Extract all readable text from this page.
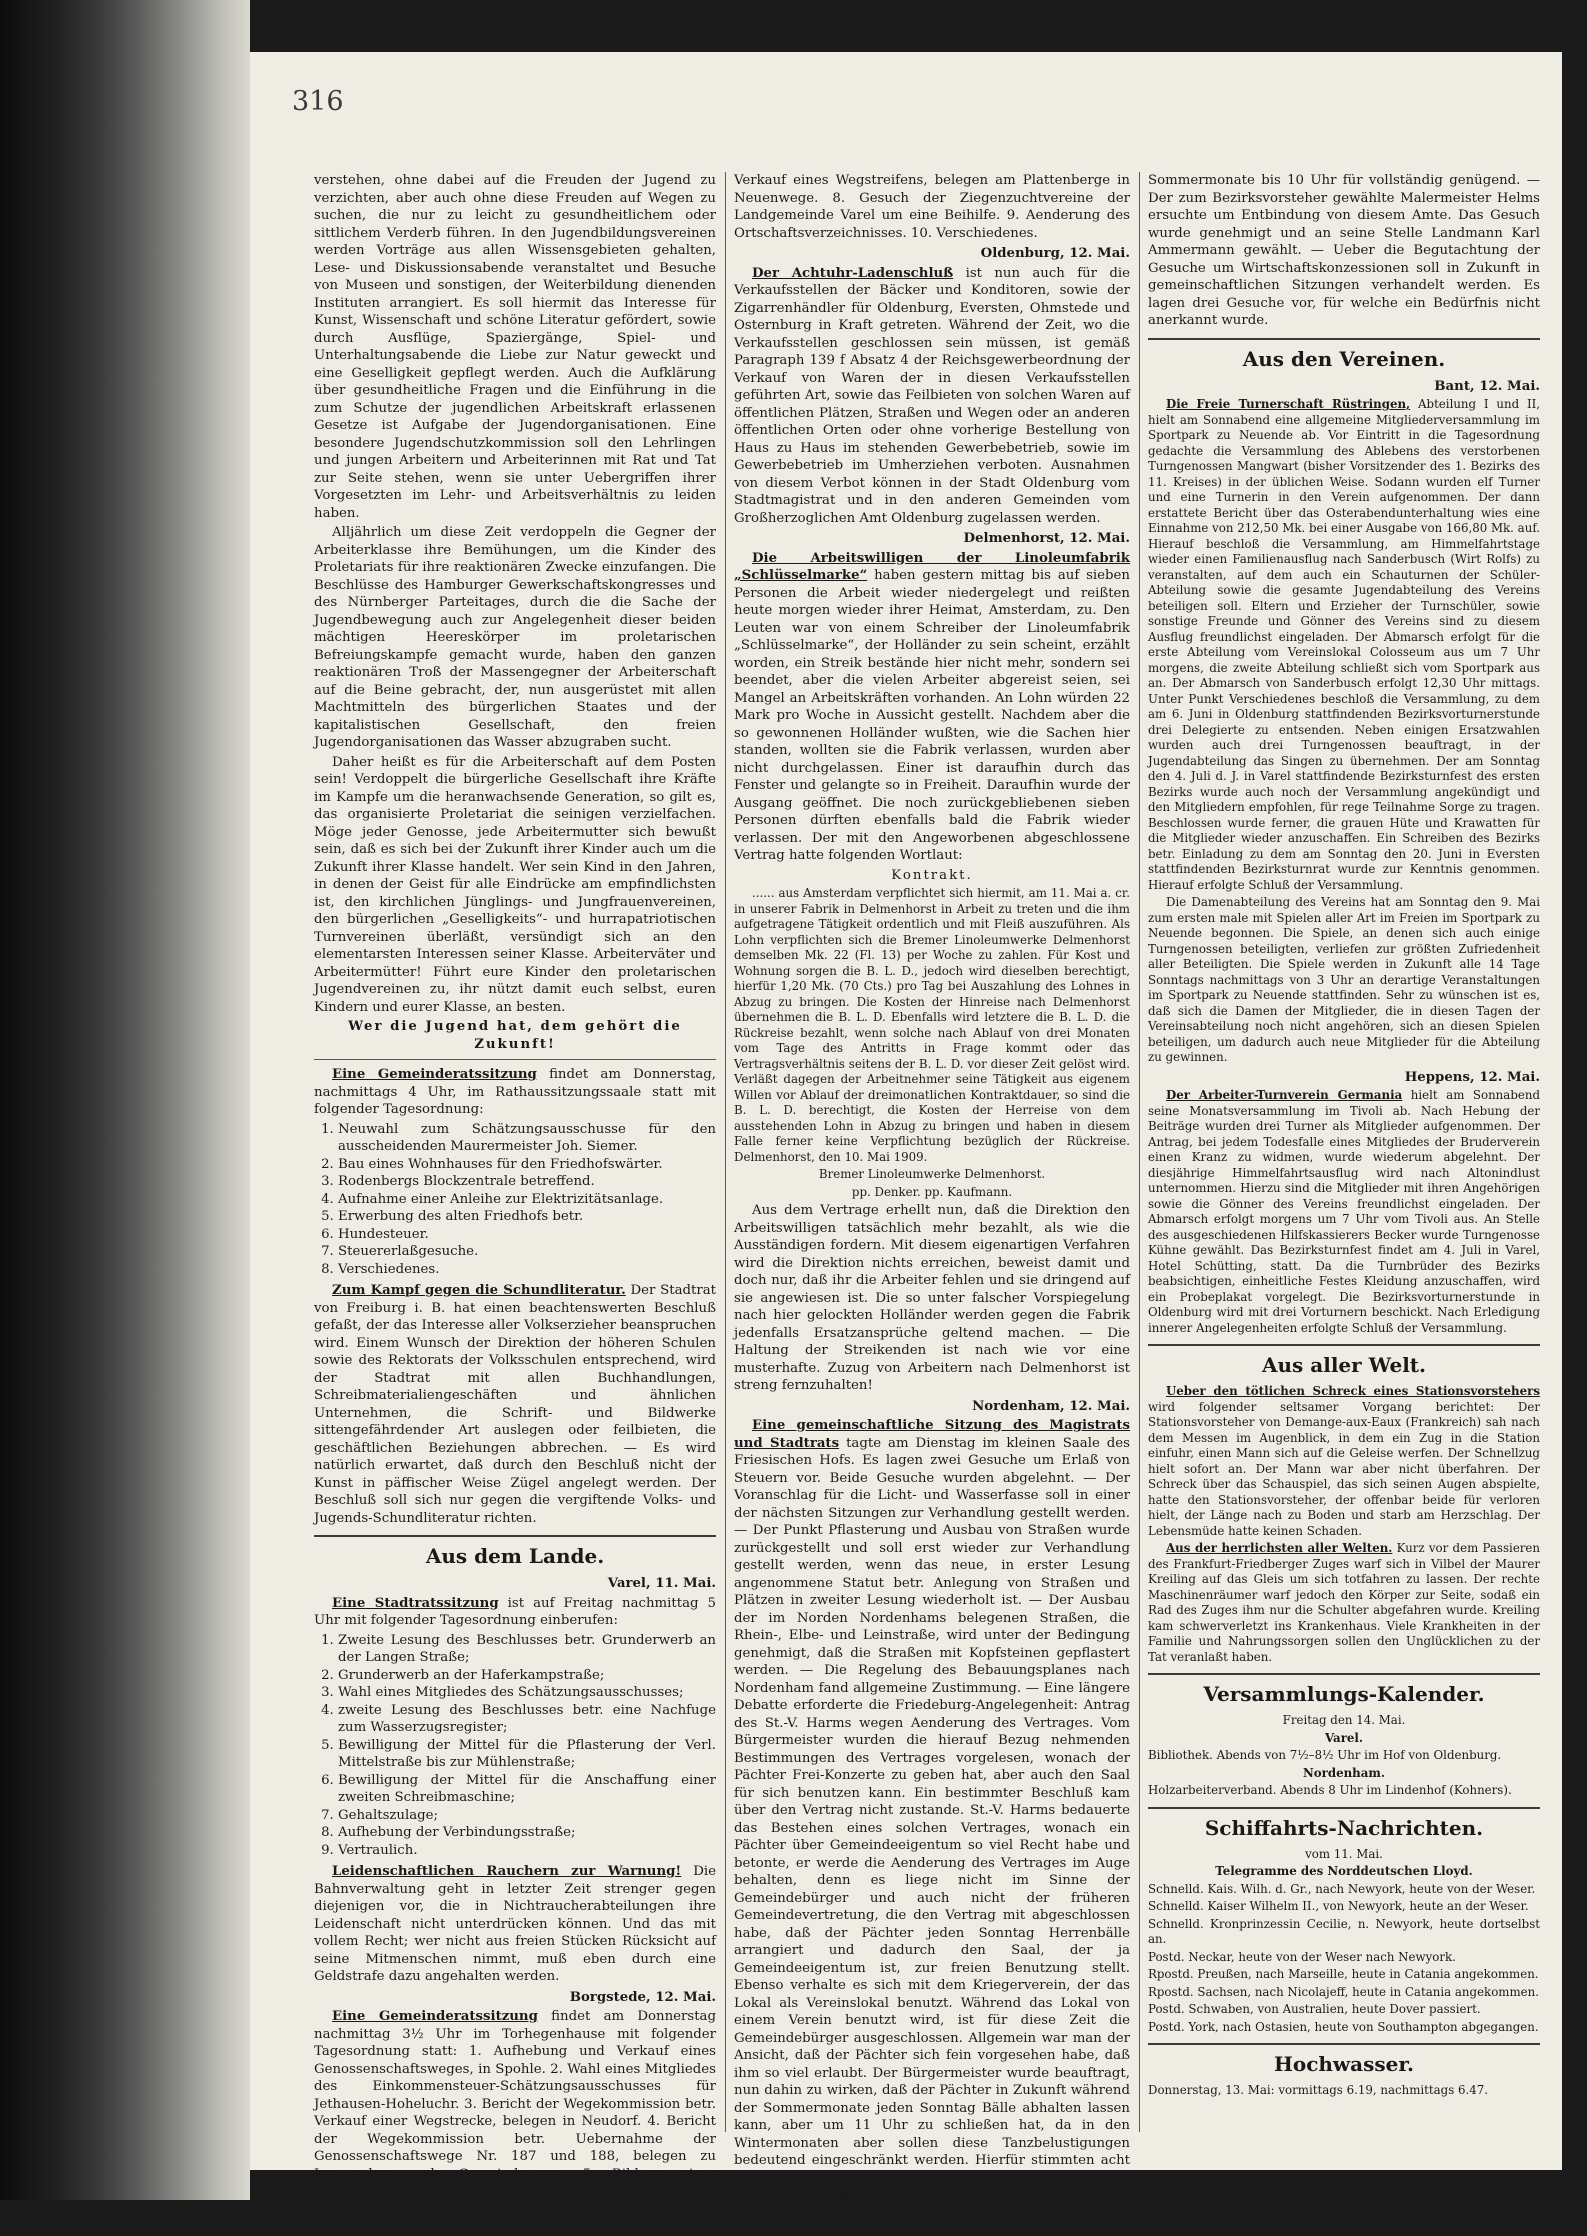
316

verstehen, ohne dabei auf die Freuden der Jugend zu verzichten, aber auch ohne diese Freuden auf Wegen zu suchen, die nur zu leicht zu gesundheitlichem oder sittlichem Verderb führen. In den Jugendbildungsvereinen werden Vorträge aus allen Wissensgebieten gehalten, Lese- und Diskussionsabende veranstaltet und Besuche von Museen und sonstigen, der Weiterbildung dienenden Instituten arrangiert. Es soll hiermit das Interesse für Kunst, Wissenschaft und schöne Literatur gefördert, sowie durch Ausflüge, Spaziergänge, Spiel- und Unterhaltungsabende die Liebe zur Natur geweckt und eine Geselligkeit gepflegt werden. Auch die Aufklärung über gesundheitliche Fragen und die Einführung in die zum Schutze der jugendlichen Arbeitskraft erlassenen Gesetze ist Aufgabe der Jugendorganisationen. Eine besondere Jugendschutzkommission soll den Lehrlingen und jungen Arbeitern und Arbeiterinnen mit Rat und Tat zur Seite stehen, wenn sie unter Uebergriffen ihrer Vorgesetzten im Lehr- und Arbeitsverhältnis zu leiden haben.

Alljährlich um diese Zeit verdoppeln die Gegner der Arbeiterklasse ihre Bemühungen, um die Kinder des Proletariats für ihre reaktionären Zwecke einzufangen. Die Beschlüsse des Hamburger Gewerkschaftskongresses und des Nürnberger Parteitages, durch die die Sache der Jugendbewegung auch zur Angelegenheit dieser beiden mächtigen Heereskörper im proletarischen Befreiungskampfe gemacht wurde, haben den ganzen reaktionären Troß der Massengegner der Arbeiterschaft auf die Beine gebracht, der, nun ausgerüstet mit allen Machtmitteln des bürgerlichen Staates und der kapitalistischen Gesellschaft, den freien Jugendorganisationen das Wasser abzugraben sucht.

Daher heißt es für die Arbeiterschaft auf dem Posten sein! Verdoppelt die bürgerliche Gesellschaft ihre Kräfte im Kampfe um die heranwachsende Generation, so gilt es, das organisierte Proletariat die seinigen verzielfachen. Möge jeder Genosse, jede Arbeitermutter sich bewußt sein, daß es sich bei der Zukunft ihrer Kinder auch um die Zukunft ihrer Klasse handelt. Wer sein Kind in den Jahren, in denen der Geist für alle Eindrücke am empfindlichsten ist, den kirchlichen Jünglings- und Jungfrauenvereinen, den bürgerlichen „Geselligkeits“- und hurrapatriotischen Turnvereinen überläßt, versündigt sich an den elementarsten Interessen seiner Klasse. Arbeiterväter und Arbeitermütter! Führt eure Kinder den proletarischen Jugendvereinen zu, ihr nützt damit euch selbst, euren Kindern und eurer Klasse, an besten.

Wer die Jugend hat, dem gehört die Zukunft!

Eine Gemeinderatssitzung findet am Donnerstag, nachmittags 4 Uhr, im Rathaussitzungssaale statt mit folgender Tagesordnung:

1. Neuwahl zum Schätzungsausschusse für den ausscheidenden Maurermeister Joh. Siemer.
2. Bau eines Wohnhauses für den Friedhofswärter.
3. Rodenbergs Blockzentrale betreffend.
4. Aufnahme einer Anleihe zur Elektrizitätsanlage.
5. Erwerbung des alten Friedhofs betr.
6. Hundesteuer.
7. Steuererlaßgesuche.
8. Verschiedenes.

Zum Kampf gegen die Schundliteratur. Der Stadtrat von Freiburg i. B. hat einen beachtenswerten Beschluß gefaßt, der das Interesse aller Volkserzieher beanspruchen wird. Einem Wunsch der Direktion der höheren Schulen sowie des Rektorats der Volksschulen entsprechend, wird der Stadtrat mit allen Buchhandlungen, Schreibmaterialiengeschäften und ähnlichen Unternehmen, die Schrift- und Bildwerke sittengefährdender Art auslegen oder feilbieten, die geschäftlichen Beziehungen abbrechen. — Es wird natürlich erwartet, daß durch den Beschluß nicht der Kunst in päffischer Weise Zügel angelegt werden. Der Beschluß soll sich nur gegen die vergiftende Volks- und Jugends-Schundliteratur richten.

Aus dem Lande.

Varel, 11. Mai.

Eine Stadtratssitzung ist auf Freitag nachmittag 5 Uhr mit folgender Tagesordnung einberufen:

1. Zweite Lesung des Beschlusses betr. Grunderwerb an der Langen Straße;
2. Grunderwerb an der Haferkampstraße;
3. Wahl eines Mitgliedes des Schätzungsausschusses;
4. zweite Lesung des Beschlusses betr. eine Nachfuge zum Wasserzugsregister;
5. Bewilligung der Mittel für die Pflasterung der Verl. Mittelstraße bis zur Mühlenstraße;
6. Bewilligung der Mittel für die Anschaffung einer zweiten Schreibmaschine;
7. Gehaltszulage;
8. Aufhebung der Verbindungsstraße;
9. Vertraulich.

Leidenschaftlichen Rauchern zur Warnung! Die Bahnverwaltung geht in letzter Zeit strenger gegen diejenigen vor, die in Nichtraucherabteilungen ihre Leidenschaft nicht unterdrücken können. Und das mit vollem Recht; wer nicht aus freien Stücken Rücksicht auf seine Mitmenschen nimmt, muß eben durch eine Geldstrafe dazu angehalten werden.

Borgstede, 12. Mai.

Eine Gemeinderatssitzung findet am Donnerstag nachmittag 3½ Uhr im Torhegenhause mit folgender Tagesordnung statt: 1. Aufhebung und Verkauf eines Genossenschaftsweges, in Spohle. 2. Wahl eines Mitgliedes des Einkommensteuer-Schätzungsausschusses für Jethausen-Hoheluchr. 3. Bericht der Wegekommission betr. Verkauf einer Wegstrecke, belegen in Neudorf. 4. Bericht der Wegekommission betr. Uebernahme der Genossenschaftswege Nr. 187 und 188, belegen zu Langendamm als Gemeindewege. 5. Bildung einer Bauerschaft Langendamm. 6. Bericht der Wegekommission betr. Verkauf eines Wegeredeplackens, belegen in Schwarzenberg. 7. Bericht der Wegekommission betr.

Verkauf eines Wegstreifens, belegen am Plattenberge in Neuenwege. 8. Gesuch der Ziegenzuchtvereine der Landgemeinde Varel um eine Beihilfe. 9. Aenderung des Ortschaftsverzeichnisses. 10. Verschiedenes.

Oldenburg, 12. Mai.

Der Achtuhr-Ladenschluß ist nun auch für die Verkaufsstellen der Bäcker und Konditoren, sowie der Zigarrenhändler für Oldenburg, Eversten, Ohmstede und Osternburg in Kraft getreten. Während der Zeit, wo die Verkaufsstellen geschlossen sein müssen, ist gemäß Paragraph 139 f Absatz 4 der Reichsgewerbeordnung der Verkauf von Waren der in diesen Verkaufsstellen geführten Art, sowie das Feilbieten von solchen Waren auf öffentlichen Plätzen, Straßen und Wegen oder an anderen öffentlichen Orten oder ohne vorherige Bestellung von Haus zu Haus im stehenden Gewerbebetrieb, sowie im Gewerbebetrieb im Umherziehen verboten. Ausnahmen von diesem Verbot können in der Stadt Oldenburg vom Stadtmagistrat und in den anderen Gemeinden vom Großherzoglichen Amt Oldenburg zugelassen werden.

Delmenhorst, 12. Mai.

Die Arbeitswilligen der Linoleumfabrik „Schlüsselmarke“ haben gestern mittag bis auf sieben Personen die Arbeit wieder niedergelegt und reißten heute morgen wieder ihrer Heimat, Amsterdam, zu. Den Leuten war von einem Schreiber der Linoleumfabrik „Schlüsselmarke“, der Holländer zu sein scheint, erzählt worden, ein Streik bestände hier nicht mehr, sondern sei beendet, aber die vielen Arbeiter abgereist seien, sei Mangel an Arbeitskräften vorhanden. An Lohn würden 22 Mark pro Woche in Aussicht gestellt. Nachdem aber die so gewonnenen Holländer wußten, wie die Sachen hier standen, wollten sie die Fabrik verlassen, wurden aber nicht durchgelassen. Einer ist daraufhin durch das Fenster und gelangte so in Freiheit. Daraufhin wurde der Ausgang geöffnet. Die noch zurückgebliebenen sieben Personen dürften ebenfalls bald die Fabrik wieder verlassen. Der mit den Angeworbenen abgeschlossene Vertrag hatte folgenden Wortlaut:

Kontrakt.

...... aus Amsterdam verpflichtet sich hiermit, am 11. Mai a. cr. in unserer Fabrik in Delmenhorst in Arbeit zu treten und die ihm aufgetragene Tätigkeit ordentlich und mit Fleiß auszuführen. Als Lohn verpflichten sich die Bremer Linoleumwerke Delmenhorst demselben Mk. 22 (Fl. 13) per Woche zu zahlen. Für Kost und Wohnung sorgen die B. L. D., jedoch wird dieselben berechtigt, hierfür 1,20 Mk. (70 Cts.) pro Tag bei Auszahlung des Lohnes in Abzug zu bringen. Die Kosten der Hinreise nach Delmenhorst übernehmen die B. L. D. Ebenfalls wird letztere die B. L. D. die Rückreise bezahlt, wenn solche nach Ablauf von drei Monaten vom Tage des Antritts in Frage kommt oder das Vertragsverhältnis seitens der B. L. D. vor dieser Zeit gelöst wird. Verläßt dagegen der Arbeitnehmer seine Tätigkeit aus eigenem Willen vor Ablauf der dreimonatlichen Kontraktdauer, so sind die B. L. D. berechtigt, die Kosten der Herreise von dem ausstehenden Lohn in Abzug zu bringen und haben in diesem Falle ferner keine Verpflichtung bezüglich der Rückreise. Delmenhorst, den 10. Mai 1909.

Bremer Linoleumwerke Delmenhorst.

pp. Denker. pp. Kaufmann.

Aus dem Vertrage erhellt nun, daß die Direktion den Arbeitswilligen tatsächlich mehr bezahlt, als wie die Ausständigen fordern. Mit diesem eigenartigen Verfahren wird die Direktion nichts erreichen, beweist damit und doch nur, daß ihr die Arbeiter fehlen und sie dringend auf sie angewiesen ist. Die so unter falscher Vorspiegelung nach hier gelockten Holländer werden gegen die Fabrik jedenfalls Ersatzansprüche geltend machen. — Die Haltung der Streikenden ist nach wie vor eine musterhafte. Zuzug von Arbeitern nach Delmenhorst ist streng fernzuhalten!

Nordenham, 12. Mai.

Eine gemeinschaftliche Sitzung des Magistrats und Stadtrats tagte am Dienstag im kleinen Saale des Friesischen Hofs. Es lagen zwei Gesuche um Erlaß von Steuern vor. Beide Gesuche wurden abgelehnt. — Der Voranschlag für die Licht- und Wasserfasse soll in einer der nächsten Sitzungen zur Verhandlung gestellt werden. — Der Punkt Pflasterung und Ausbau von Straßen wurde zurückgestellt und soll erst wieder zur Verhandlung gestellt werden, wenn das neue, in erster Lesung angenommene Statut betr. Anlegung von Straßen und Plätzen in zweiter Lesung wiederholt ist. — Der Ausbau der im Norden Nordenhams belegenen Straßen, die Rhein-, Elbe- und Leinstraße, wird unter der Bedingung genehmigt, daß die Straßen mit Kopfsteinen gepflastert werden. — Die Regelung des Bebauungsplanes nach Nordenham fand allgemeine Zustimmung. — Eine längere Debatte erforderte die Friedeburg-Angelegenheit: Antrag des St.-V. Harms wegen Aenderung des Vertrages. Vom Bürgermeister wurden die hierauf Bezug nehmenden Bestimmungen des Vertrages vorgelesen, wonach der Pächter Frei-Konzerte zu geben hat, aber auch den Saal für sich benutzen kann. Ein bestimmter Beschluß kam über den Vertrag nicht zustande. St.-V. Harms bedauerte das Bestehen eines solchen Vertrages, wonach ein Pächter über Gemeindeeigentum so viel Recht habe und betonte, er werde die Aenderung des Vertrages im Auge behalten, denn es liege nicht im Sinne der Gemeindebürger und auch nicht der früheren Gemeindevertretung, die den Vertrag mit abgeschlossen habe, daß der Pächter jeden Sonntag Herrenbälle arrangiert und dadurch den Saal, der ja Gemeindeeigentum ist, zur freien Benutzung stellt. Ebenso verhalte es sich mit dem Kriegerverein, der das Lokal als Vereinslokal benutzt. Während das Lokal von einem Verein benutzt wird, ist für diese Zeit die Gemeindebürger ausgeschlossen. Allgemein war man der Ansicht, daß der Pächter sich fein vorgesehen habe, daß ihm so viel erlaubt. Der Bürgermeister wurde beauftragt, nun dahin zu wirken, daß der Pächter in Zukunft während der Sommermonate jeden Sonntag Bälle abhalten lassen kann, aber um 11 Uhr zu schließen hat, da in den Wintermonaten aber sollen diese Tanzbelustigungen bedeutend eingeschränkt werden. Hierfür stimmten acht Stadtratsmitglieder, die Minderheit von fünf Stadtratsmitgliedern hielten die Dauer der Tanzbelustigungen für die

Sommermonate bis 10 Uhr für vollständig genügend. — Der zum Bezirksvorsteher gewählte Malermeister Helms ersuchte um Entbindung von diesem Amte. Das Gesuch wurde genehmigt und an seine Stelle Landmann Karl Ammermann gewählt. — Ueber die Begutachtung der Gesuche um Wirtschaftskonzessionen soll in Zukunft in gemeinschaftlichen Sitzungen verhandelt werden. Es lagen drei Gesuche vor, für welche ein Bedürfnis nicht anerkannt wurde.

Aus den Vereinen.

Bant, 12. Mai.

Die Freie Turnerschaft Rüstringen, Abteilung I und II, hielt am Sonnabend eine allgemeine Mitgliederversammlung im Sportpark zu Neuende ab. Vor Eintritt in die Tagesordnung gedachte die Versammlung des Ablebens des verstorbenen Turngenossen Mangwart (bisher Vorsitzender des 1. Bezirks des 11. Kreises) in der üblichen Weise. Sodann wurden elf Turner und eine Turnerin in den Verein aufgenommen. Der dann erstattete Bericht über das Osterabendunterhaltung wies eine Einnahme von 212,50 Mk. bei einer Ausgabe von 166,80 Mk. auf. Hierauf beschloß die Versammlung, am Himmelfahrtstage wieder einen Familienausflug nach Sanderbusch (Wirt Rolfs) zu veranstalten, auf dem auch ein Schauturnen der Schüler-Abteilung sowie die gesamte Jugendabteilung des Vereins beteiligen soll. Eltern und Erzieher der Turnschüler, sowie sonstige Freunde und Gönner des Vereins sind zu diesem Ausflug freundlichst eingeladen. Der Abmarsch erfolgt für die erste Abteilung vom Vereinslokal Colosseum aus um 7 Uhr morgens, die zweite Abteilung schließt sich vom Sportpark aus an. Der Abmarsch von Sanderbusch erfolgt 12,30 Uhr mittags. Unter Punkt Verschiedenes beschloß die Versammlung, zu dem am 6. Juni in Oldenburg stattfindenden Bezirksvorturnerstunde drei Delegierte zu entsenden. Neben einigen Ersatzwahlen wurden auch drei Turngenossen beauftragt, in der Jugendabteilung das Singen zu übernehmen. Der am Sonntag den 4. Juli d. J. in Varel stattfindende Bezirksturnfest des ersten Bezirks wurde auch noch der Versammlung angekündigt und den Mitgliedern empfohlen, für rege Teilnahme Sorge zu tragen. Beschlossen wurde ferner, die grauen Hüte und Krawatten für die Mitglieder wieder anzuschaffen. Ein Schreiben des Bezirks betr. Einladung zu dem am Sonntag den 20. Juni in Eversten stattfindenden Bezirksturnrat wurde zur Kenntnis genommen. Hierauf erfolgte Schluß der Versammlung.

Die Damenabteilung des Vereins hat am Sonntag den 9. Mai zum ersten male mit Spielen aller Art im Freien im Sportpark zu Neuende begonnen. Die Spiele, an denen sich auch einige Turngenossen beteiligten, verliefen zur größten Zufriedenheit aller Beteiligten. Die Spiele werden in Zukunft alle 14 Tage Sonntags nachmittags von 3 Uhr an derartige Veranstaltungen im Sportpark zu Neuende stattfinden. Sehr zu wünschen ist es, daß sich die Damen der Mitglieder, die in diesen Tagen der Vereinsabteilung noch nicht angehören, sich an diesen Spielen beteiligen, um dadurch auch neue Mitglieder für die Abteilung zu gewinnen.

Heppens, 12. Mai.

Der Arbeiter-Turnverein Germania hielt am Sonnabend seine Monatsversammlung im Tivoli ab. Nach Hebung der Beiträge wurden drei Turner als Mitglieder aufgenommen. Der Antrag, bei jedem Todesfalle eines Mitgliedes der Bruderverein einen Kranz zu widmen, wurde wiederum abgelehnt. Der diesjährige Himmelfahrtsausflug wird nach Altonindlust unternommen. Hierzu sind die Mitglieder mit ihren Angehörigen sowie die Gönner des Vereins freundlichst eingeladen. Der Abmarsch erfolgt morgens um 7 Uhr vom Tivoli aus. An Stelle des ausgeschiedenen Hilfskassierers Becker wurde Turngenosse Kühne gewählt. Das Bezirksturnfest findet am 4. Juli in Varel, Hotel Schütting, statt. Da die Turnbrüder des Bezirks beabsichtigen, einheitliche Festes Kleidung anzuschaffen, wird ein Probeplakat vorgelegt. Die Bezirksvorturnerstunde in Oldenburg wird mit drei Vorturnern beschickt. Nach Erledigung innerer Angelegenheiten erfolgte Schluß der Versammlung.

Aus aller Welt.

Ueber den tötlichen Schreck eines Stationsvorstehers wird folgender seltsamer Vorgang berichtet: Der Stationsvorsteher von Demange-aux-Eaux (Frankreich) sah nach dem Messen im Augenblick, in dem ein Zug in die Station einfuhr, einen Mann sich auf die Geleise werfen. Der Schnellzug hielt sofort an. Der Mann war aber nicht überfahren. Der Schreck über das Schauspiel, das sich seinen Augen abspielte, hatte den Stationsvorsteher, der offenbar beide für verloren hielt, der Länge nach zu Boden und starb am Herzschlag. Der Lebensmüde hatte keinen Schaden.

Aus der herrlichsten aller Welten. Kurz vor dem Passieren des Frankfurt-Friedberger Zuges warf sich in Vilbel der Maurer Kreiling auf das Gleis um sich totfahren zu lassen. Der rechte Maschinenräumer warf jedoch den Körper zur Seite, sodaß ein Rad des Zuges ihm nur die Schulter abgefahren wurde. Kreiling kam schwerverletzt ins Krankenhaus. Viele Krankheiten in der Familie und Nahrungssorgen sollen den Unglücklichen zu der Tat veranlaßt haben.

Versammlungs-Kalender.

Freitag den 14. Mai.

Varel.

Bibliothek. Abends von 7½–8½ Uhr im Hof von Oldenburg.

Nordenham.

Holzarbeiterverband. Abends 8 Uhr im Lindenhof (Kohners).

Schiffahrts-Nachrichten.

vom 11. Mai.

Telegramme des Norddeutschen Lloyd.

Schnelld. Kais. Wilh. d. Gr., nach Newyork, heute von der Weser.

Schnelld. Kaiser Wilhelm II., von Newyork, heute an der Weser.

Schnelld. Kronprinzessin Cecilie, n. Newyork, heute dortselbst an.

Postd. Neckar, heute von der Weser nach Newyork.

Rpostd. Preußen, nach Marseille, heute in Catania angekommen.

Rpostd. Sachsen, nach Nicolajeff, heute in Catania angekommen.

Postd. Schwaben, von Australien, heute Dover passiert.

Postd. York, nach Ostasien, heute von Southampton abgegangen.

Hochwasser.

Donnerstag, 13. Mai: vormittags 6.19, nachmittags 6.47.
